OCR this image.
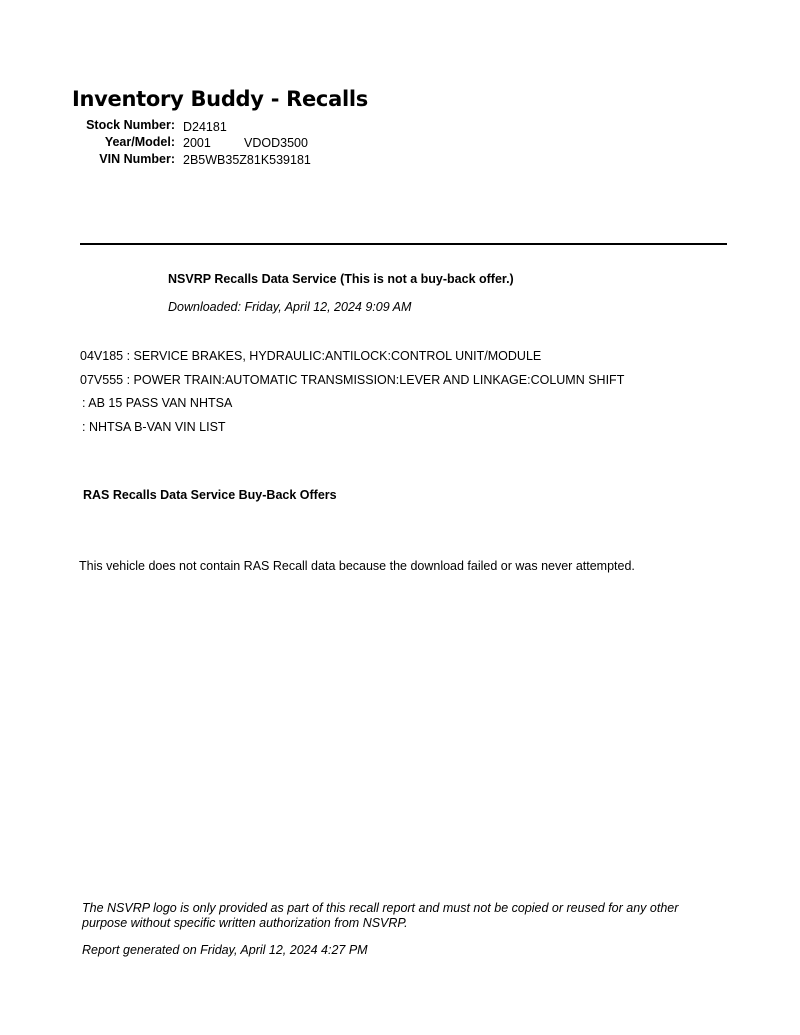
Inventory Buddy - Recalls
Stock Number: D24181
Year/Model: 2001	VDOD3500
VIN Number: 2B5WB35Z81K539181
NSVRP Recalls Data Service (This is not a buy-back offer.)
Downloaded: Friday, April 12, 2024 9:09 AM
04V185 : SERVICE BRAKES, HYDRAULIC:ANTILOCK:CONTROL UNIT/MODULE
07V555 : POWER TRAIN:AUTOMATIC TRANSMISSION:LEVER AND LINKAGE:COLUMN SHIFT
: AB 15 PASS VAN NHTSA
: NHTSA B-VAN VIN LIST
RAS Recalls Data Service Buy-Back Offers
This vehicle does not contain RAS Recall data because the download failed or was never attempted.
The NSVRP logo is only provided as part of this recall report and must not be copied or reused for any other purpose without specific written authorization from NSVRP.
Report generated on Friday, April 12, 2024 4:27 PM
